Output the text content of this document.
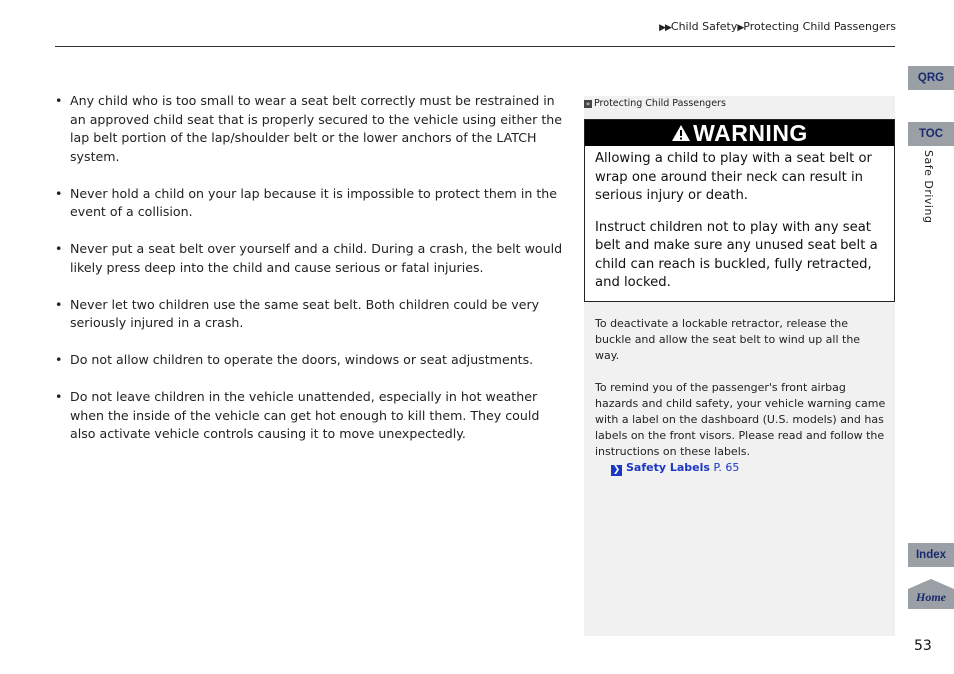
▶▶Child Safety▶Protecting Child Passengers
• Any child who is too small to wear a seat belt correctly must be restrained in an approved child seat that is properly secured to the vehicle using either the lap belt portion of the lap/shoulder belt or the lower anchors of the LATCH system.
• Never hold a child on your lap because it is impossible to protect them in the event of a collision.
• Never put a seat belt over yourself and a child. During a crash, the belt would likely press deep into the child and cause serious or fatal injuries.
• Never let two children use the same seat belt. Both children could be very seriously injured in a crash.
• Do not allow children to operate the doors, windows or seat adjustments.
• Do not leave children in the vehicle unattended, especially in hot weather when the inside of the vehicle can get hot enough to kill them. They could also activate vehicle controls causing it to move unexpectedly.
» Protecting Child Passengers
WARNING

Allowing a child to play with a seat belt or wrap one around their neck can result in serious injury or death.

Instruct children not to play with any seat belt and make sure any unused seat belt a child can reach is buckled, fully retracted, and locked.

To deactivate a lockable retractor, release the buckle and allow the seat belt to wind up all the way.

To remind you of the passenger's front airbag hazards and child safety, your vehicle warning came with a label on the dashboard (U.S. models) and has labels on the front visors. Please read and follow the instructions on these labels.

❯ Safety Labels P. 65
QRG
TOC
Safe Driving
Index
Home
53
